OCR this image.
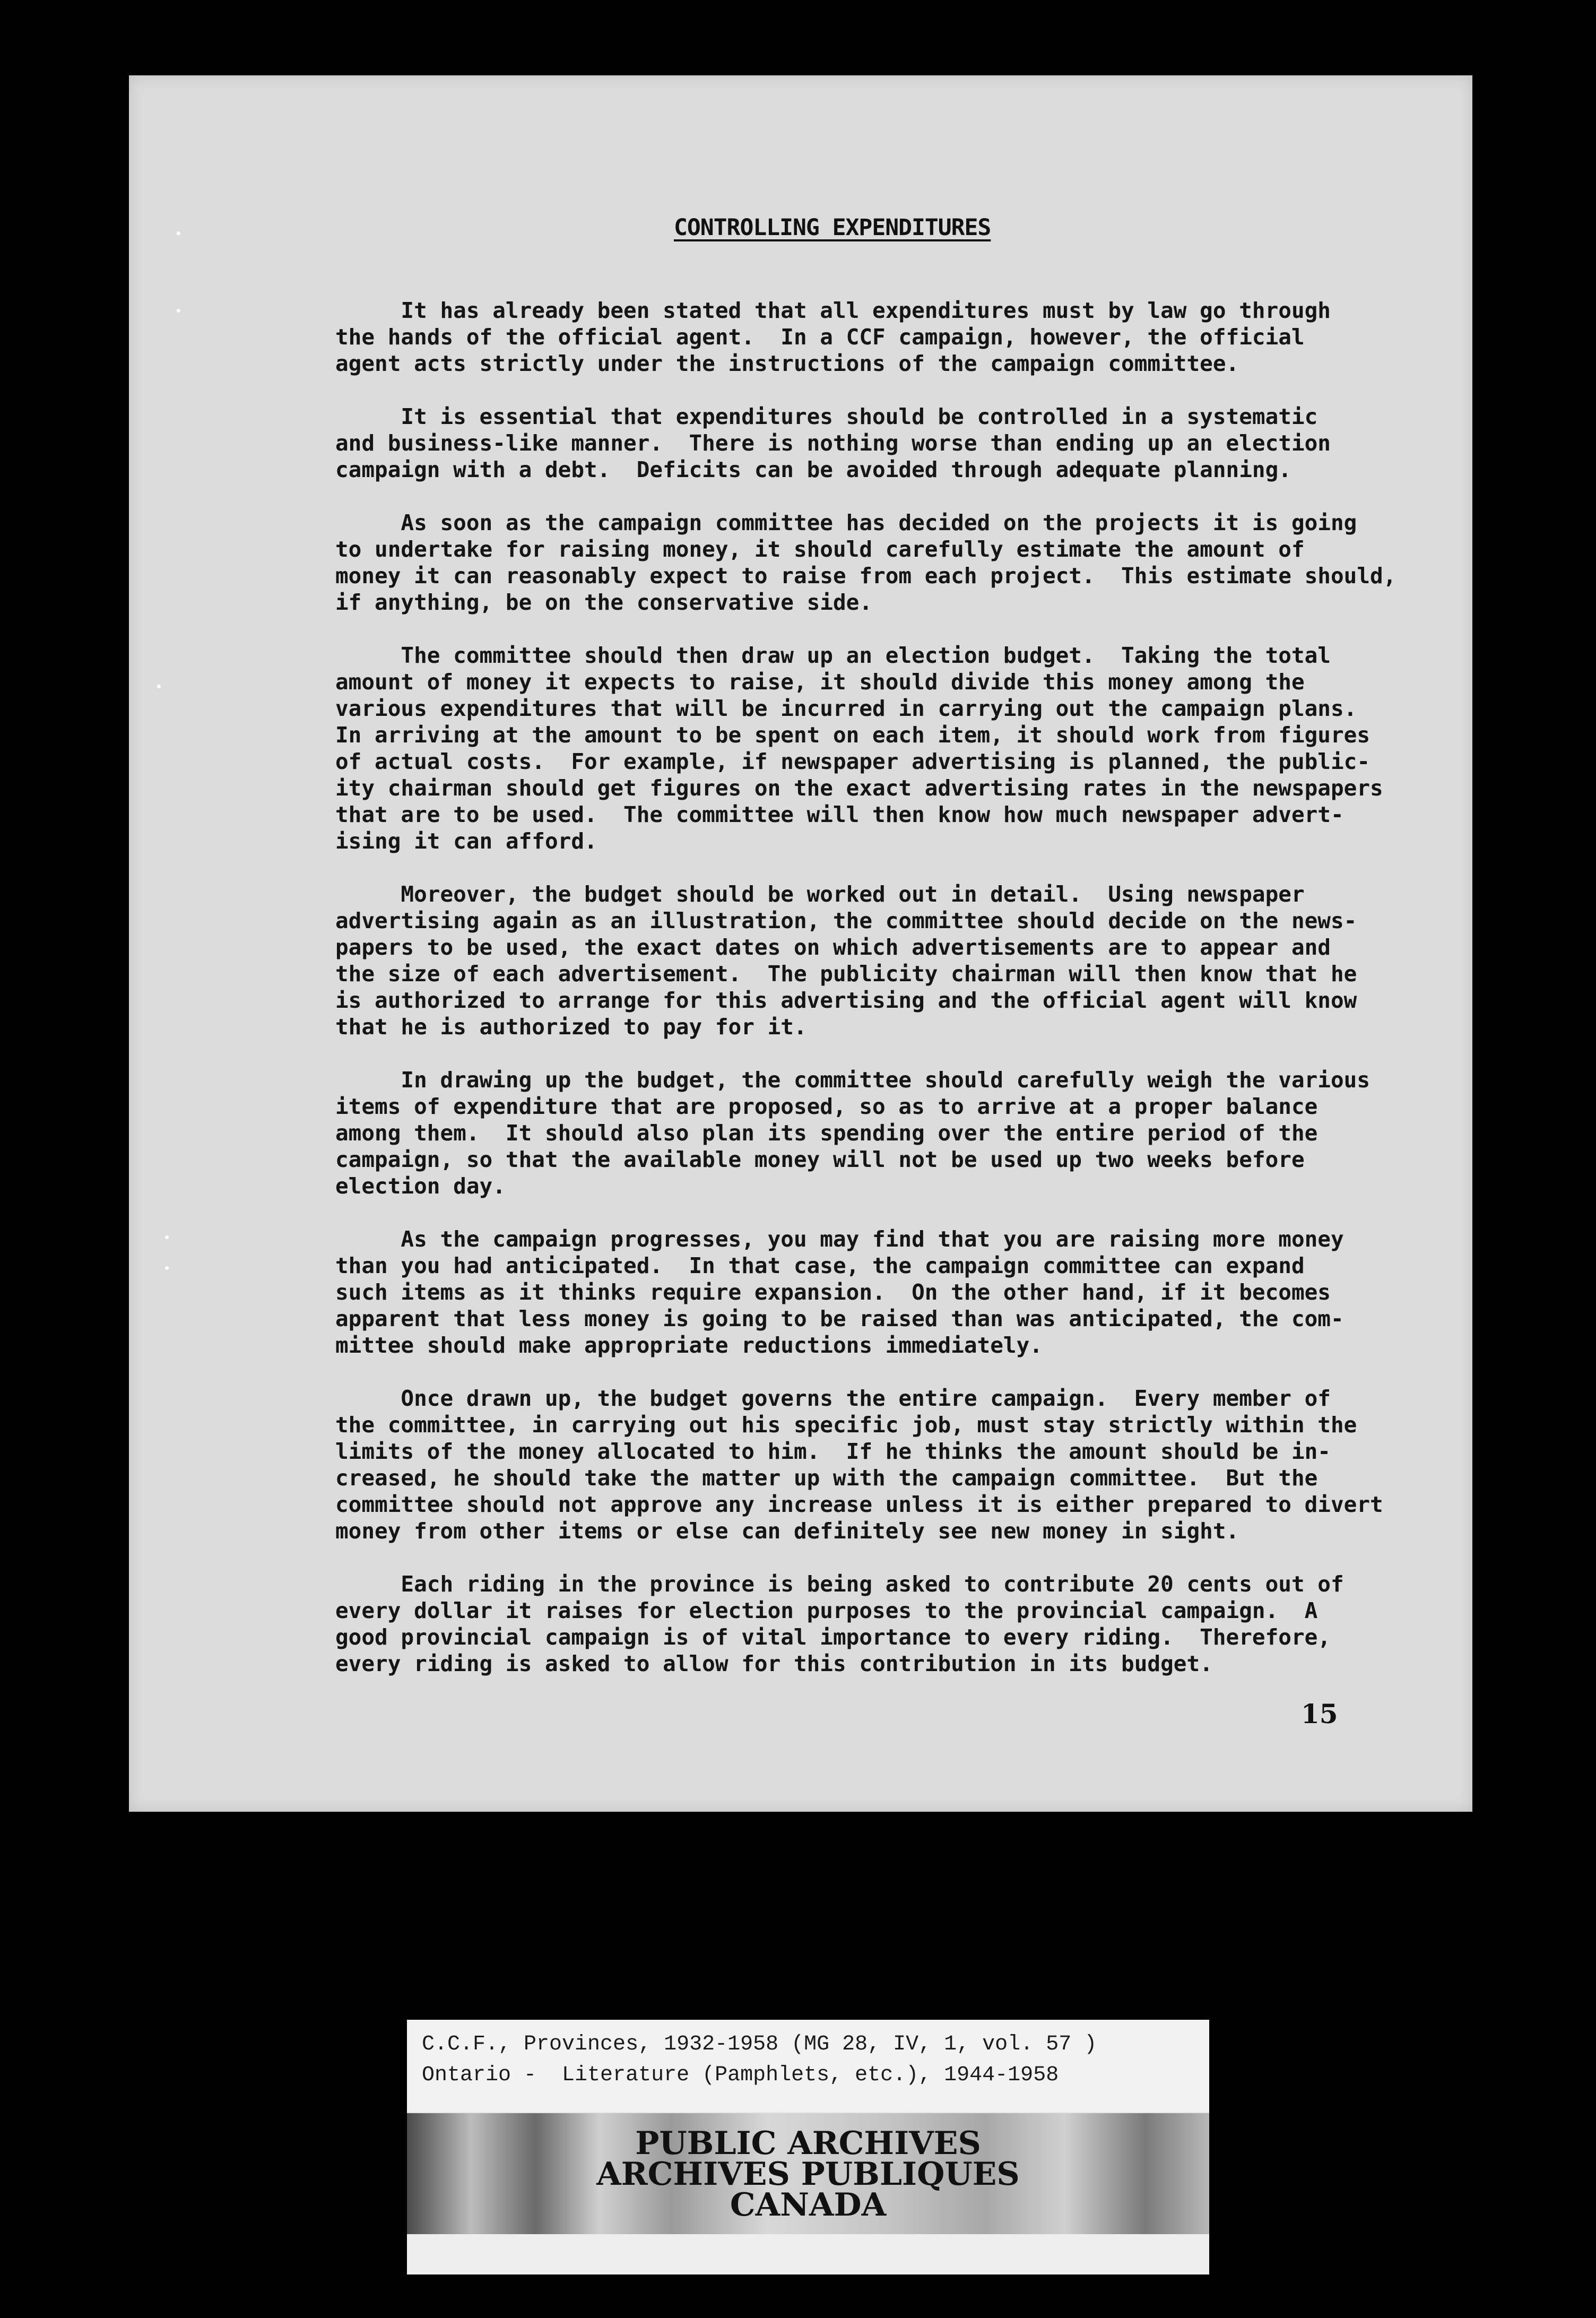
CONTROLLING EXPENDITURES
It has already been stated that all expenditures must by law go through
the hands of the official agent.  In a CCF campaign, however, the official
agent acts strictly under the instructions of the campaign committee.
It is essential that expenditures should be controlled in a systematic
and business-like manner.  There is nothing worse than ending up an election
campaign with a debt.  Deficits can be avoided through adequate planning.
As soon as the campaign committee has decided on the projects it is going
to undertake for raising money, it should carefully estimate the amount of
money it can reasonably expect to raise from each project.  This estimate should,
if anything, be on the conservative side.
The committee should then draw up an election budget.  Taking the total
amount of money it expects to raise, it should divide this money among the
various expenditures that will be incurred in carrying out the campaign plans.
In arriving at the amount to be spent on each item, it should work from figures
of actual costs.  For example, if newspaper advertising is planned, the public-
ity chairman should get figures on the exact advertising rates in the newspapers
that are to be used.  The committee will then know how much newspaper advert-
ising it can afford.
Moreover, the budget should be worked out in detail.  Using newspaper
advertising again as an illustration, the committee should decide on the news-
papers to be used, the exact dates on which advertisements are to appear and
the size of each advertisement.  The publicity chairman will then know that he
is authorized to arrange for this advertising and the official agent will know
that he is authorized to pay for it.
In drawing up the budget, the committee should carefully weigh the various
items of expenditure that are proposed, so as to arrive at a proper balance
among them.  It should also plan its spending over the entire period of the
campaign, so that the available money will not be used up two weeks before
election day.
As the campaign progresses, you may find that you are raising more money
than you had anticipated.  In that case, the campaign committee can expand
such items as it thinks require expansion.  On the other hand, if it becomes
apparent that less money is going to be raised than was anticipated, the com-
mittee should make appropriate reductions immediately.
Once drawn up, the budget governs the entire campaign.  Every member of
the committee, in carrying out his specific job, must stay strictly within the
limits of the money allocated to him.  If he thinks the amount should be in-
creased, he should take the matter up with the campaign committee.  But the
committee should not approve any increase unless it is either prepared to divert
money from other items or else can definitely see new money in sight.
Each riding in the province is being asked to contribute 20 cents out of
every dollar it raises for election purposes to the provincial campaign.  A
good provincial campaign is of vital importance to every riding.  Therefore,
every riding is asked to allow for this contribution in its budget.
15
C.C.F., Provinces, 1932-1958 (MG 28, IV, 1, vol. 57 )
Ontario -  Literature (Pamphlets, etc.), 1944-1958
PUBLIC ARCHIVES
ARCHIVES PUBLIQUES
CANADA
